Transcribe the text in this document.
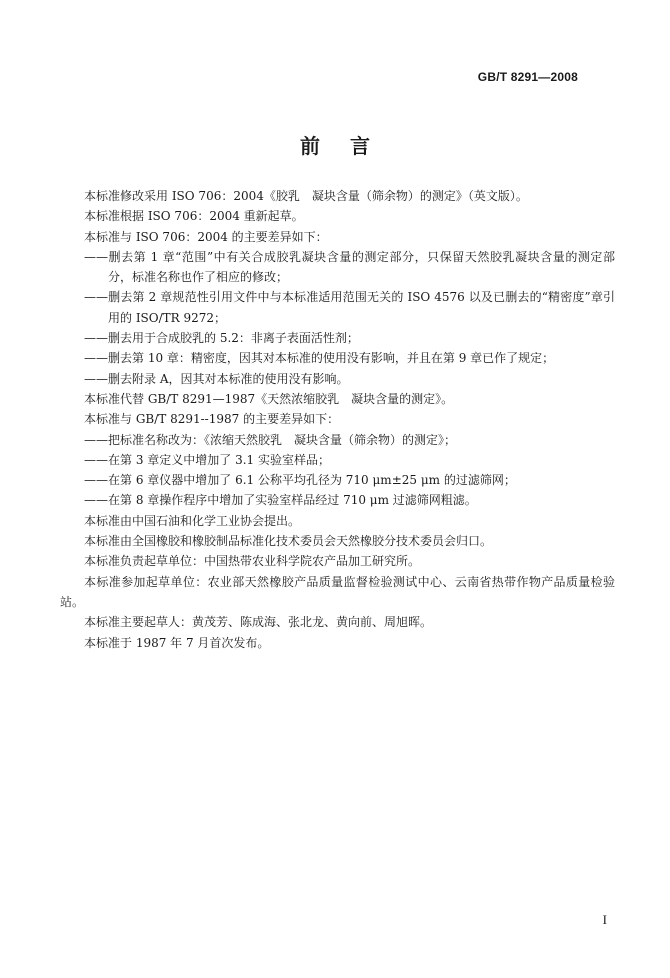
GB/T 8291—2008
前言

本标准修改采用 ISO 706：2004《胶乳　凝块含量（筛余物）的测定》（英文版）。

本标准根据 ISO 706：2004 重新起草。

本标准与 ISO 706：2004 的主要差异如下：

——删去第 1 章“范围”中有关合成胶乳凝块含量的测定部分，只保留天然胶乳凝块含量的测定部分，标准名称也作了相应的修改；

——删去第 2 章规范性引用文件中与本标准适用范围无关的 ISO 4576 以及已删去的“精密度”章引用的 ISO/TR 9272；

——删去用于合成胶乳的 5.2：非离子表面活性剂；

——删去第 10 章：精密度，因其对本标准的使用没有影响，并且在第 9 章已作了规定；

——删去附录 A，因其对本标准的使用没有影响。

本标准代替 GB/T 8291—1987《天然浓缩胶乳　凝块含量的测定》。

本标准与 GB/T 8291--1987 的主要差异如下：

——把标准名称改为：《浓缩天然胶乳　凝块含量（筛余物）的测定》；

——在第 3 章定义中增加了 3.1 实验室样品；

——在第 6 章仪器中增加了 6.1 公称平均孔径为 710 μm±25 μm 的过滤筛网；

——在第 8 章操作程序中增加了实验室样品经过 710 μm 过滤筛网粗滤。

本标准由中国石油和化学工业协会提出。

本标准由全国橡胶和橡胶制品标准化技术委员会天然橡胶分技术委员会归口。

本标准负责起草单位：中国热带农业科学院农产品加工研究所。

本标准参加起草单位：农业部天然橡胶产品质量监督检验测试中心、云南省热带作物产品质量检验站。

本标准主要起草人：黄茂芳、陈成海、张北龙、黄向前、周旭晖。

本标准于 1987 年 7 月首次发布。

I
